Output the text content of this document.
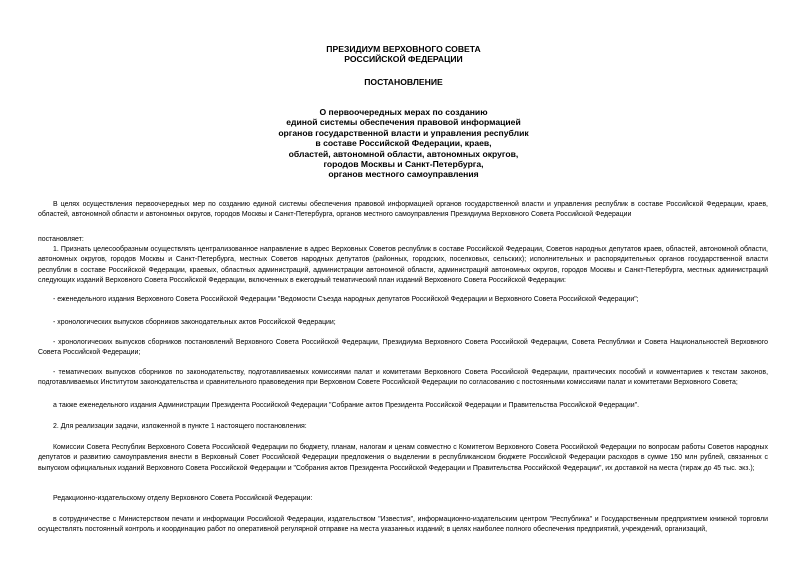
ПРЕЗИДИУМ ВЕРХОВНОГО СОВЕТА
РОССИЙСКОЙ ФЕДЕРАЦИИ
ПОСТАНОВЛЕНИЕ
О первоочередных мерах по созданию
единой системы обеспечения правовой информацией
органов государственной власти и управления республик
в составе Российской Федерации, краев,
областей, автономной области, автономных округов,
городов Москвы и Санкт-Петербурга,
органов местного самоуправления

В целях осуществления первоочередных мер по созданию единой системы обеспечения правовой информацией органов государственной власти и управления республик в составе Российской Федерации, краев, областей, автономной области и автономных округов, городов Москвы и Санкт-Петербурга, органов местного самоуправления Президиума Верховного Совета Российской Федерации

постановляет:

1. Признать целесообразным осуществлять централизованное направление в адрес Верховных Советов республик в составе Российской Федерации, Советов народных депутатов краев, областей, автономной области, автономных округов, городов Москвы и Санкт-Петербурга, местных Советов народных депутатов (районных, городских, поселковых, сельских); исполнительных и распорядительных органов государственной власти республик в составе Российской Федерации, краевых, областных администраций, администрации автономной области, администраций автономных округов, городов Москвы и Санкт-Петербурга, местных администраций следующих изданий Верховного Совета Российской Федерации, включенных в ежегодный тематический план изданий Верховного Совета Российской Федерации:

- еженедельного издания Верховного Совета Российской Федерации "Ведомости Съезда народных депутатов Российской Федерации и Верховного Совета Российской Федерации";

- хронологических выпусков сборников законодательных актов Российской Федерации;

- хронологических выпусков сборников постановлений Верховного Совета Российской Федерации, Президиума Верховного Совета Российской Федерации, Совета Республики и Совета Национальностей Верховного Совета Российской Федерации;

- тематических выпусков сборников по законодательству, подготавливаемых комиссиями палат и комитетами Верховного Совета Российской Федерации, практических пособий и комментариев к текстам законов, подготавливаемых Институтом законодательства и сравнительного правоведения при Верховном Совете Российской Федерации по согласованию с постоянными комиссиями палат и комитетами Верховного Совета;

а также еженедельного издания Администрации Президента Российской Федерации "Собрание актов Президента Российской Федерации и Правительства Российской Федерации".

2. Для реализации задачи, изложенной в пункте 1 настоящего постановления:

Комиссии Совета Республик Верховного Совета Российской Федерации по бюджету, планам, налогам и ценам совместно с Комитетом Верховного Совета Российской Федерации по вопросам работы Советов народных депутатов и развитию самоуправления внести в Верховный Совет Российской Федерации предложения о выделении в республиканском бюджете Российской Федерации расходов в сумме 150 млн рублей, связанных с выпуском официальных изданий Верховного Совета Российской Федерации и "Собрания актов Президента Российской Федерации и Правительства Российской Федерации", их доставкой на места (тираж до 45 тыс. экз.);

Редакционно-издательскому отделу Верховного Совета Российской Федерации:

в сотрудничестве с Министерством печати и информации Российской Федерации, издательством "Известия", информационно-издательским центром "Республика" и Государственным предприятием книжной торговли осуществлять постоянный контроль и координацию работ по оперативной регулярной отправке на места указанных изданий; в целях наиболее полного обеспечения предприятий, учреждений, организаций,
